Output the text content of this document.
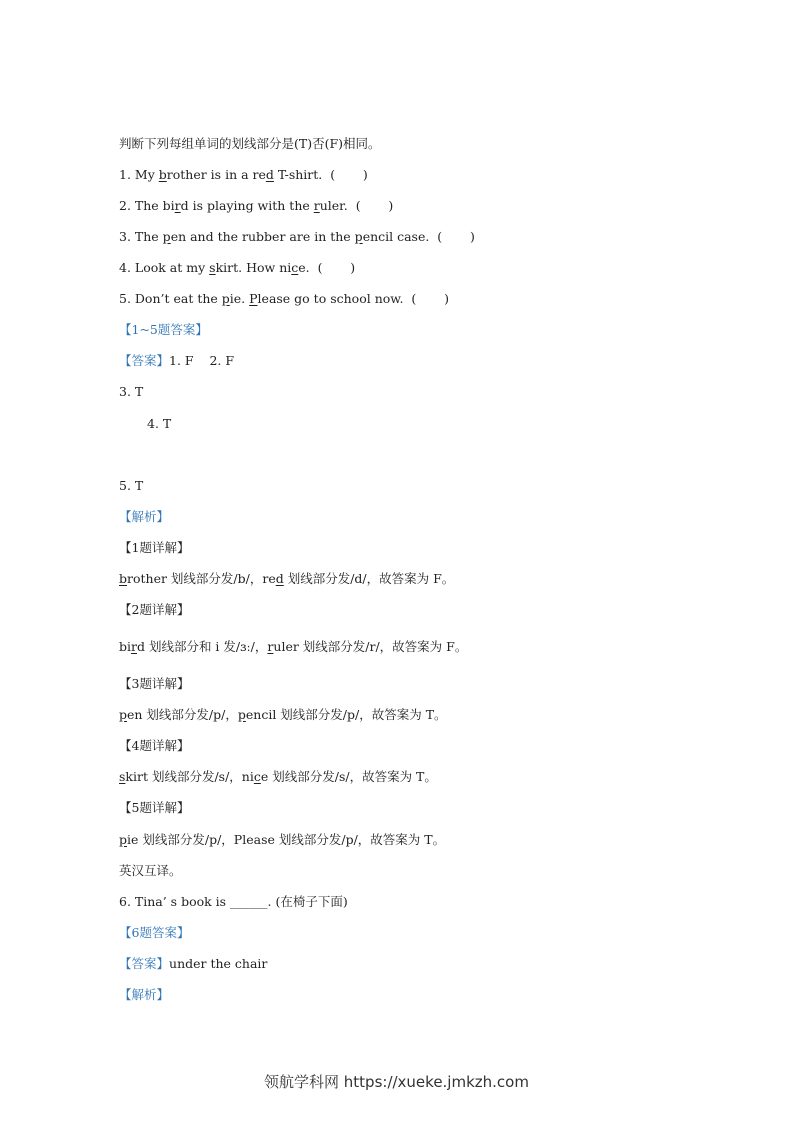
判断下列每组单词的划线部分是(T)否(F)相同。
1. My brother is in a red T-shirt.  (       )
2. The bird is playing with the ruler.  (       )
3. The pen and the rubber are in the pencil case.  (       )
4. Look at my skirt. How nice.  (       )
5. Don’t eat the pie. Please go to school now.  (       )
【1~5题答案】
【答案】1. F    2. F
3. T
4. T
5. T
【解析】
【1题详解】
brother 划线部分发/b/，red 划线部分发/d/，故答案为 F。
【2题详解】
bird 划线部分和 i 发/ɜː/，ruler 划线部分发/r/，故答案为 F。
【3题详解】
pen 划线部分发/p/，pencil 划线部分发/p/，故答案为 T。
【4题详解】
skirt 划线部分发/s/，nice 划线部分发/s/，故答案为 T。
【5题详解】
pie 划线部分发/p/，Please 划线部分发/p/，故答案为 T。
英汉互译。
6. Tina’ s book is ______. (在椅子下面)
【6题答案】
【答案】under the chair
【解析】
领航学科网 https://xueke.jmkzh.com
